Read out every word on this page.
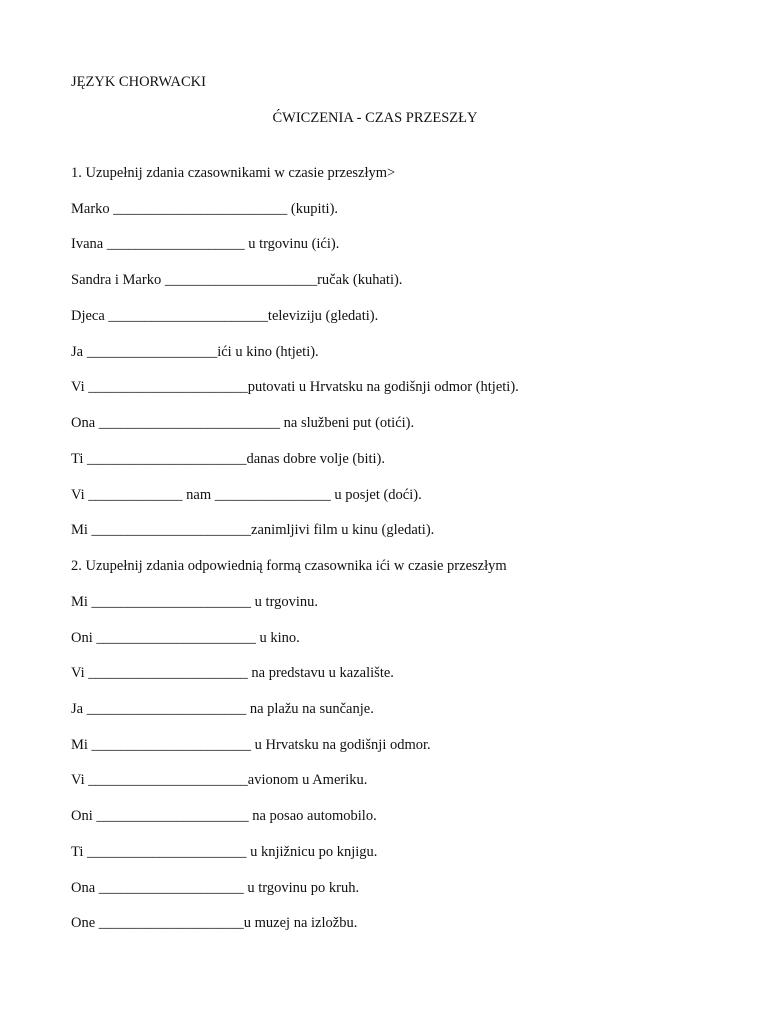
JĘZYK CHORWACKI
ĆWICZENIA - CZAS PRZESZŁY
1. Uzupełnij zdania czasownikami w czasie przeszłym>
Marko ________________________ (kupiti).
Ivana ___________________ u trgovinu (ići).
Sandra i Marko _____________________ručak (kuhati).
Djeca ______________________televiziju (gledati).
Ja __________________ići u kino (htjeti).
Vi ______________________putovati u Hrvatsku na godišnji odmor (htjeti).
Ona _________________________ na službeni put (otići).
Ti ______________________danas dobre volje (biti).
Vi _____________ nam ________________ u posjet (doći).
Mi ______________________zanimljivi film u kinu (gledati).
2. Uzupełnij zdania odpowiednią formą czasownika ići w czasie przeszłym
Mi ______________________ u trgovinu.
Oni ______________________ u kino.
Vi ______________________ na predstavu u kazalište.
Ja ______________________ na plažu na sunčanje.
Mi ______________________ u Hrvatsku na godišnji odmor.
Vi ______________________avionom u Ameriku.
Oni _____________________ na posao automobilo.
Ti ______________________ u knjižnicu po knjigu.
Ona ____________________ u trgovinu po kruh.
One ____________________u muzej na izložbu.
